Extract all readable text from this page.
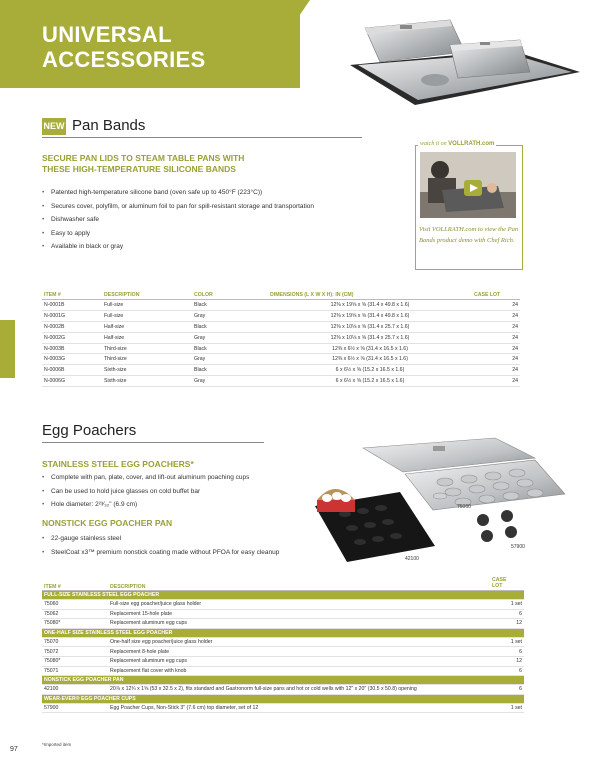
UNIVERSAL
ACCESSORIES
NEW Pan Bands
SECURE PAN LIDS TO STEAM TABLE PANS WITH
THESE HIGH-TEMPERATURE SILICONE BANDS
• Patented high-temperature silicone band (oven safe up to 450°F (223°C))
• Secures cover, polyfilm, or aluminum foil to pan for spill-resistant storage and transportation
• Dishwasher safe
• Easy to apply
• Available in black or gray
watch it on VOLLRATH.com
Visit VOLLRATH.com to view the Pan Bands product demo with Chef Rich.
ITEM #	DESCRIPTION	COLOR	DIMENSIONS (L X W X H): IN (CM)	CASE LOT
N-0001B	Full-size	Black	12⅜ x 19⅝ x ⅝ (31.4 x 49.8 x 1.6)	24
N-0001G	Full-size	Gray	12⅜ x 19⅝ x ⅝ (31.4 x 49.8 x 1.6)	24
N-0002B	Half-size	Black	12⅜ x 10⅛ x ⅝ (31.4 x 25.7 x 1.6)	24
N-0002G	Half-size	Gray	12⅜ x 10⅛ x ⅝ (31.4 x 25.7 x 1.6)	24
N-0003B	Third-size	Black	12⅜ x 6½ x ⅝ (31.4 x 16.5 x 1.6)	24
N-0003G	Third-size	Gray	12⅜ x 6½ x ⅝ (31.4 x 16.5 x 1.6)	24
N-0006B	Sixth-size	Black	6 x 6½ x ⅝ (15.2 x 16.5 x 1.6)	24
N-0006G	Sixth-size	Gray	6 x 6½ x ⅝ (15.2 x 16.5 x 1.6)	24
Egg Poachers
STAINLESS STEEL EGG POACHERS*
• Complete with pan, plate, cover, and lift-out aluminum poaching cups
• Can be used to hold juice glasses on cold buffet bar
• Hole diameter: 2²³⁄₃₂" (6.9 cm)
NONSTICK EGG POACHER PAN
• 22-gauge stainless steel
• SteelCoat x3™ premium nonstick coating made without PFOA for easy cleanup
75060
42100
57900
ITEM #	DESCRIPTION	CASE
LOT

FULL-SIZE STAINLESS STEEL EGG POACHER		
75060	Full-size egg poacher/juice glass holder	1 set
75062	Replacement 15-hole plate	6
75080*	Replacement aluminum egg cups	12
ONE-HALF SIZE STAINLESS STEEL EGG POACHER		
75070	One-half size egg poacher/juice glass holder	1 set
75072	Replacement 8-hole plate	6
75080*	Replacement aluminum egg cups	12
75071	Replacement flat cover with knob	6
NONSTICK EGG POACHER PAN		
42100	20⅞ x 12¾ x 1⅝ (53 x 32.5 x 2), fits standard and Gastronorm full-size pans and hot or cold wells with 12" x 20" (30.5 x 50.8) opening	6
WEAR-EVER® EGG POACHER CUPS		
57900	Egg Poacher Cups, Non-Stick 3" (7.6 cm) top diameter, set of 12	1 set
*Imported item
97
